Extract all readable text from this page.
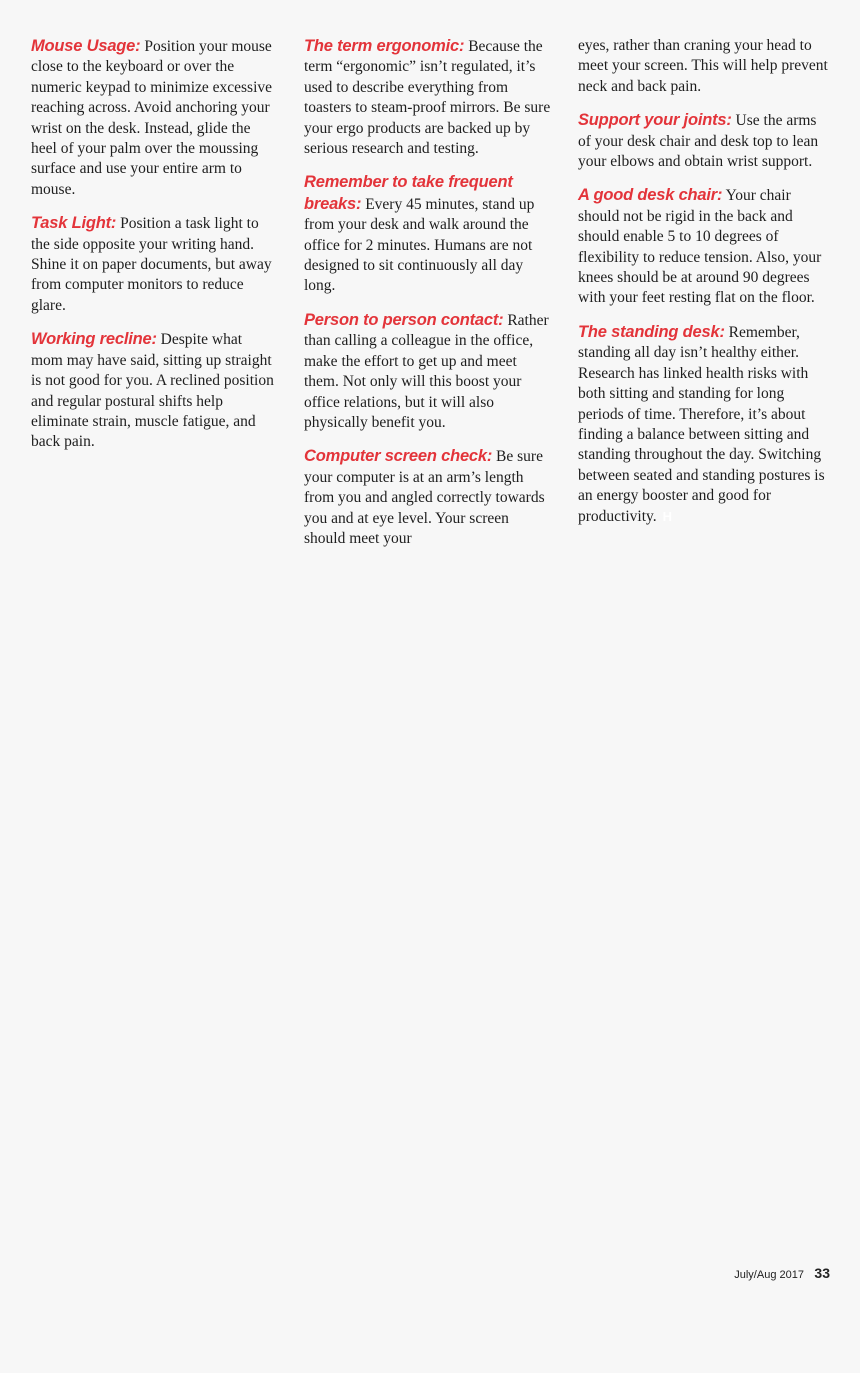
Mouse Usage: Position your mouse close to the keyboard or over the numeric keypad to minimize excessive reaching across. Avoid anchoring your wrist on the desk. Instead, glide the heel of your palm over the moussing surface and use your entire arm to mouse.

Task Light: Position a task light to the side opposite your writing hand. Shine it on paper documents, but away from computer monitors to reduce glare.

Working recline: Despite what mom may have said, sitting up straight is not good for you. A reclined position and regular postural shifts help eliminate strain, muscle fatigue, and back pain.

The term ergonomic: Because the term “ergonomic” isn’t regulated, it’s used to describe everything from toasters to steam-proof mirrors. Be sure your ergo products are backed up by serious research and testing.

Remember to take frequent breaks: Every 45 minutes, stand up from your desk and walk around the office for 2 minutes. Humans are not designed to sit continuously all day long.

Person to person contact: Rather than calling a colleague in the office, make the effort to get up and meet them. Not only will this boost your office relations, but it will also physically benefit you.

Computer screen check: Be sure your computer is at an arm’s length from you and angled correctly towards you and at eye level. Your screen should meet your

eyes, rather than craning your head to meet your screen. This will help prevent neck and back pain.

Support your joints: Use the arms of your desk chair and desk top to lean your elbows and obtain wrist support.

A good desk chair: Your chair should not be rigid in the back and should enable 5 to 10 degrees of flexibility to reduce tension. Also, your knees should be at around 90 degrees with your feet resting flat on the floor.

The standing desk: Remember, standing all day isn’t healthy either. Research has linked health risks with both sitting and standing for long periods of time. Therefore, it’s about finding a balance between sitting and standing throughout the day. Switching between seated and standing postures is an energy booster and good for productivity. H

July/Aug 2017 33
